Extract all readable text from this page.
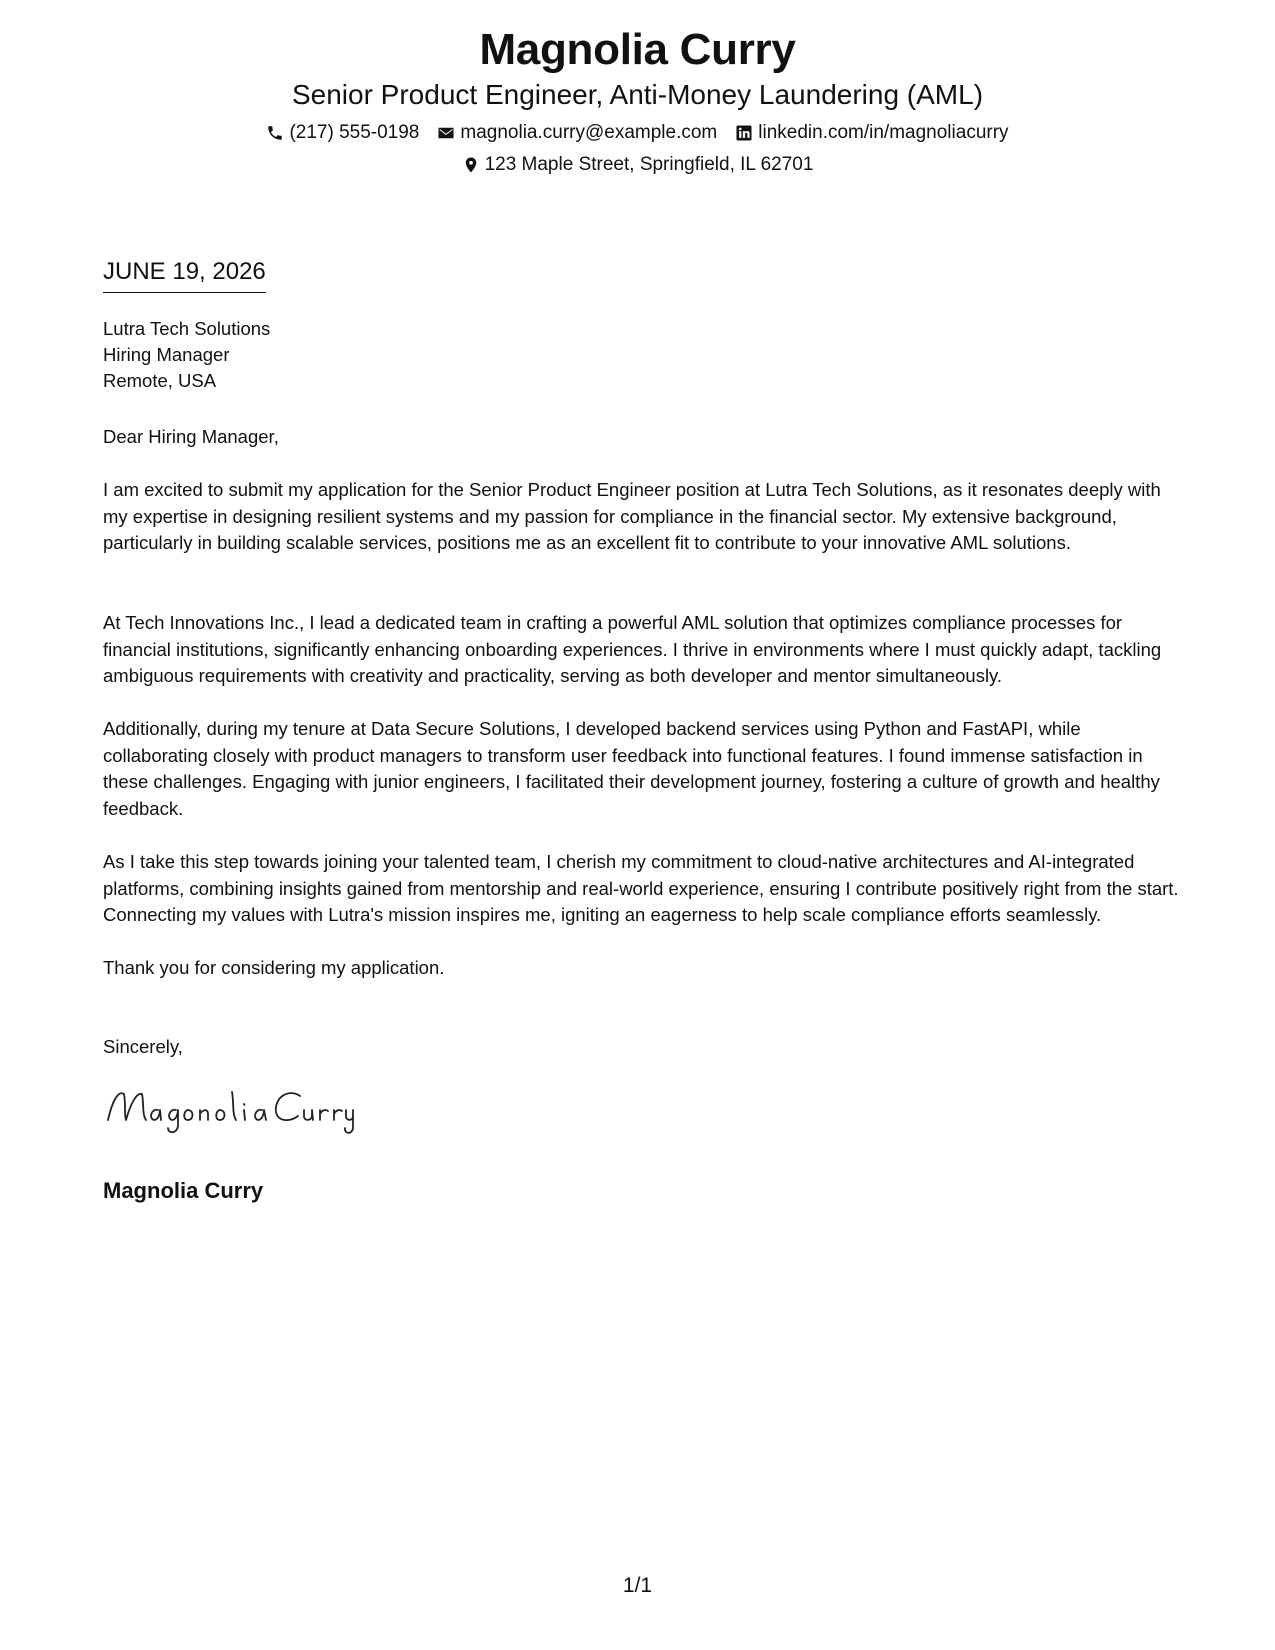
Magnolia Curry
Senior Product Engineer, Anti-Money Laundering (AML)
(217) 555-0198 magnolia.curry@example.com linkedin.com/in/magnoliacurry
123 Maple Street, Springfield, IL 62701
JUNE 19, 2026
Lutra Tech Solutions
Hiring Manager
Remote, USA
Dear Hiring Manager,
I am excited to submit my application for the Senior Product Engineer position at Lutra Tech Solutions, as it resonates deeply with my expertise in designing resilient systems and my passion for compliance in the financial sector. My extensive background, particularly in building scalable services, positions me as an excellent fit to contribute to your innovative AML solutions.
At Tech Innovations Inc., I lead a dedicated team in crafting a powerful AML solution that optimizes compliance processes for financial institutions, significantly enhancing onboarding experiences. I thrive in environments where I must quickly adapt, tackling ambiguous requirements with creativity and practicality, serving as both developer and mentor simultaneously.
Additionally, during my tenure at Data Secure Solutions, I developed backend services using Python and FastAPI, while collaborating closely with product managers to transform user feedback into functional features. I found immense satisfaction in these challenges. Engaging with junior engineers, I facilitated their development journey, fostering a culture of growth and healthy feedback.
As I take this step towards joining your talented team, I cherish my commitment to cloud-native architectures and AI-integrated platforms, combining insights gained from mentorship and real-world experience, ensuring I contribute positively right from the start. Connecting my values with Lutra's mission inspires me, igniting an eagerness to help scale compliance efforts seamlessly.
Thank you for considering my application.
Sincerely,
Magnolia Curry
1/1
